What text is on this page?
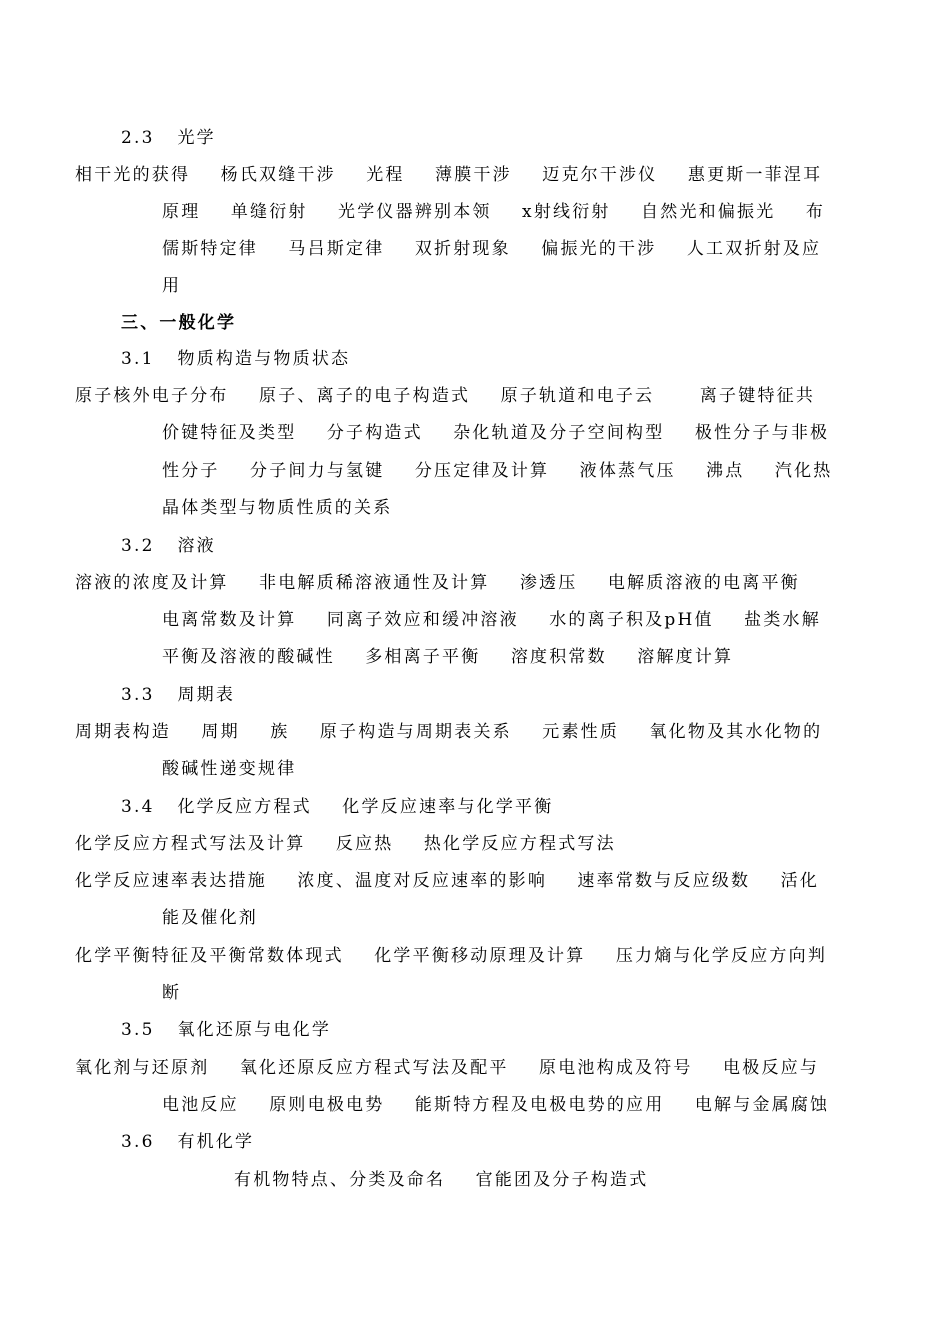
2.3   光学
相干光的获得    杨氏双缝干涉    光程    薄膜干涉    迈克尔干涉仪    惠更斯一菲涅耳
原理    单缝衍射    光学仪器辨别本领    x射线衍射    自然光和偏振光    布
儒斯特定律    马吕斯定律    双折射现象    偏振光的干涉    人工双折射及应
用
三、一般化学
3.1   物质构造与物质状态
原子核外电子分布    原子、离子的电子构造式    原子轨道和电子云      离子键特征共
价键特征及类型    分子构造式    杂化轨道及分子空间构型    极性分子与非极
性分子    分子间力与氢键    分压定律及计算    液体蒸气压    沸点    汽化热
晶体类型与物质性质的关系
3.2   溶液
溶液的浓度及计算    非电解质稀溶液通性及计算    渗透压    电解质溶液的电离平衡
电离常数及计算    同离子效应和缓冲溶液    水的离子积及pH值    盐类水解
平衡及溶液的酸碱性    多相离子平衡    溶度积常数    溶解度计算
3.3   周期表
周期表构造    周期    族    原子构造与周期表关系    元素性质    氧化物及其水化物的
酸碱性递变规律
3.4   化学反应方程式    化学反应速率与化学平衡
化学反应方程式写法及计算    反应热    热化学反应方程式写法
化学反应速率表达措施    浓度、温度对反应速率的影响    速率常数与反应级数    活化
能及催化剂
化学平衡特征及平衡常数体现式    化学平衡移动原理及计算    压力熵与化学反应方向判
断
3.5   氧化还原与电化学
氧化剂与还原剂    氧化还原反应方程式写法及配平    原电池构成及符号    电极反应与
电池反应    原则电极电势    能斯特方程及电极电势的应用    电解与金属腐蚀
3.6   有机化学
有机物特点、分类及命名    官能团及分子构造式
